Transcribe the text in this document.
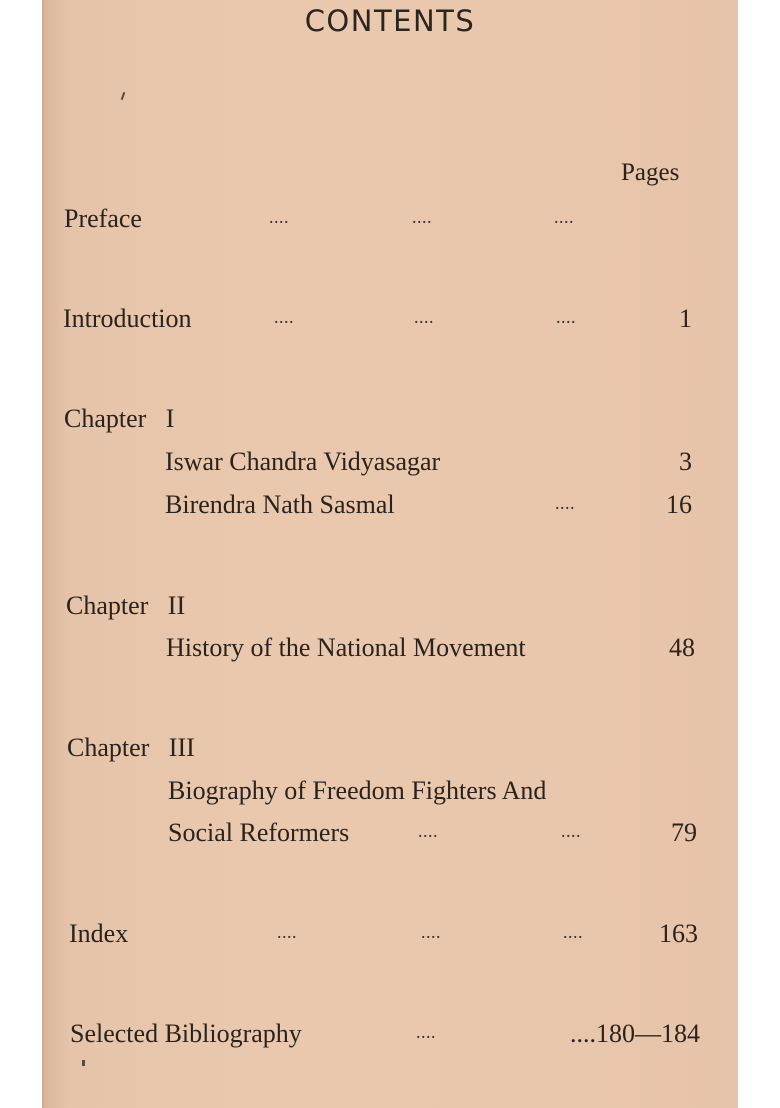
CONTENTS
Pages
Preface	....	....	....
Introduction	....	....	....	1
Chapter   I
Iswar Chandra Vidyasagar	3
Birendra Nath Sasmal	....	16
Chapter   II
History of the National Movement	48
Chapter   III
Biography of Freedom Fighters And
Social Reformers	....	....	79
Index	....	....	....	163
Selected Bibliography	....	....180—184
